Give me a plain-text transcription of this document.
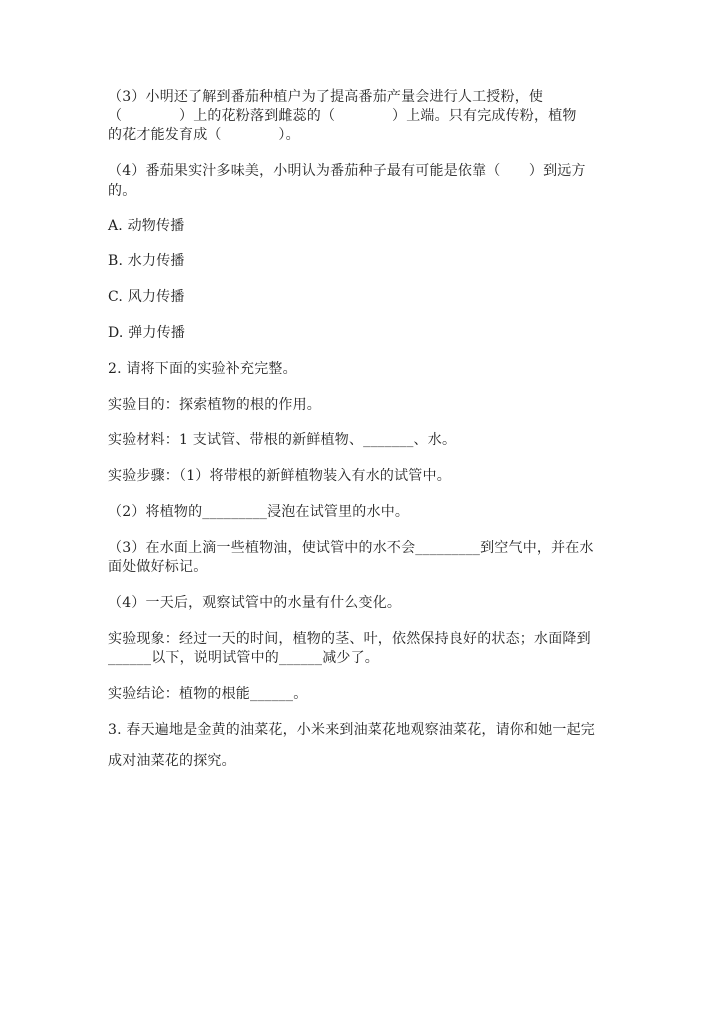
（3）小明还了解到番茄种植户为了提高番茄产量会进行人工授粉，使
（　　　　）上的花粉落到雌蕊的（　　　　）上端。只有完成传粉，植物
的花才能发育成（　　　　）。
（4）番茄果实汁多味美，小明认为番茄种子最有可能是依靠（　　）到远方
的。
A. 动物传播
B. 水力传播
C. 风力传播
D. 弹力传播
2. 请将下面的实验补充完整。
实验目的：探索植物的根的作用。
实验材料：1 支试管、带根的新鲜植物、_______、水。
实验步骤：（1）将带根的新鲜植物装入有水的试管中。
（2）将植物的_________浸泡在试管里的水中。
（3）在水面上滴一些植物油，使试管中的水不会_________到空气中，并在水
面处做好标记。
（4）一天后，观察试管中的水量有什么变化。
实验现象：经过一天的时间，植物的茎、叶，依然保持良好的状态；水面降到
______以下，说明试管中的______减少了。
实验结论：植物的根能______。
3. 春天遍地是金黄的油菜花，小米来到油菜花地观察油菜花，请你和她一起完
成对油菜花的探究。
